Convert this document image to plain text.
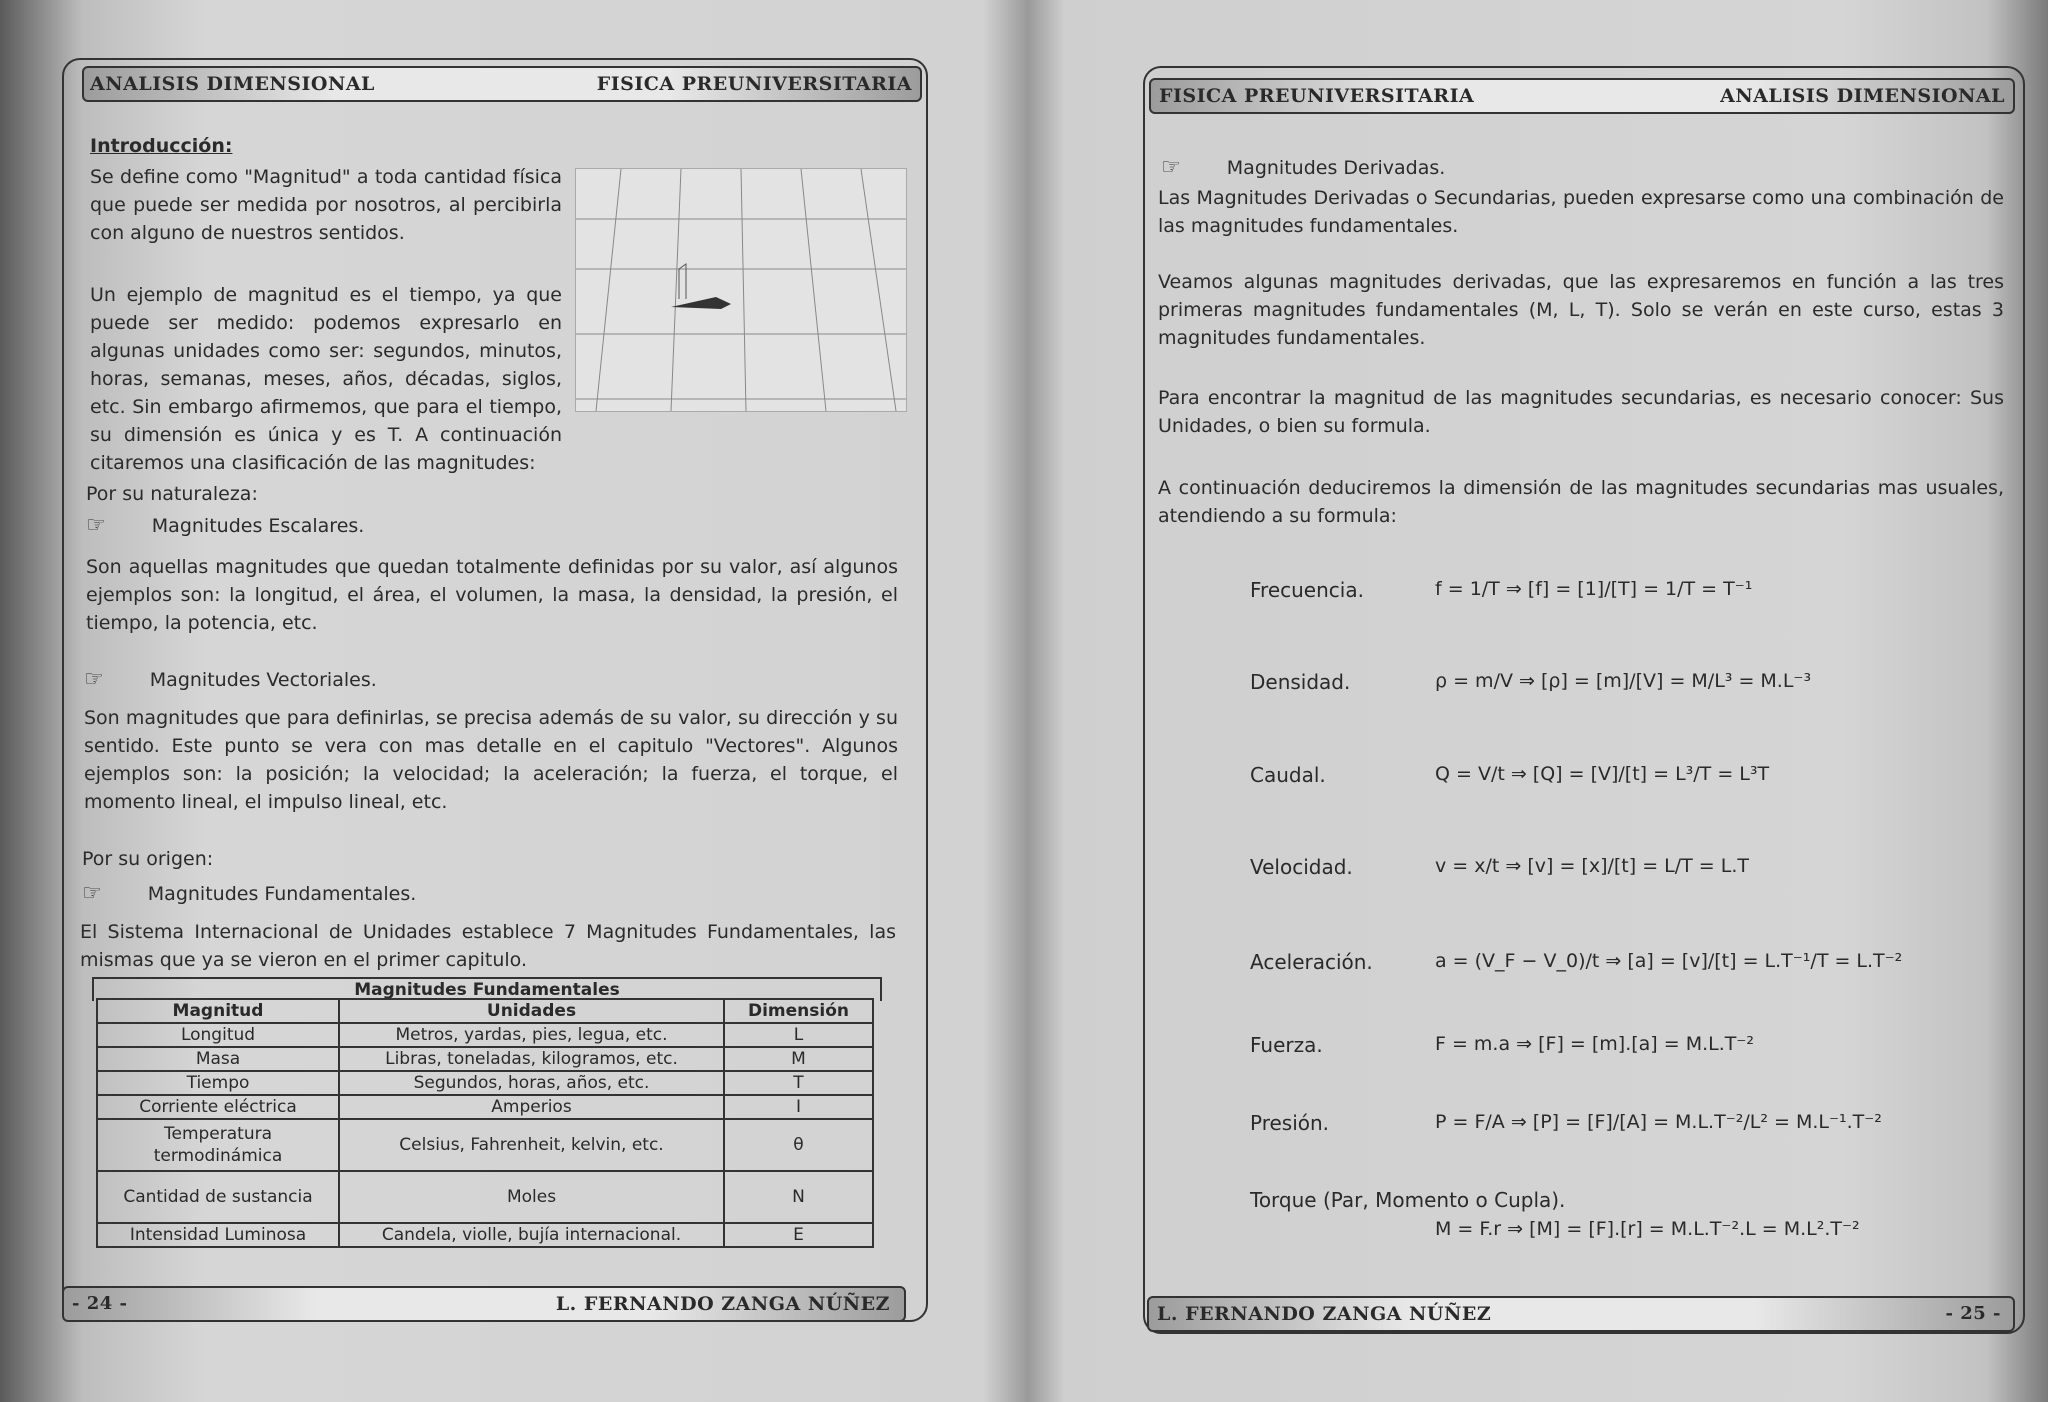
ANALISIS DIMENSIONAL	FISICA PREUNIVERSITARIA
Introducción:
Se define como "Magnitud" a toda cantidad física que puede ser medida por nosotros, al percibirla con alguno de nuestros sentidos.
Un ejemplo de magnitud es el tiempo, ya que puede ser medido: podemos expresarlo en algunas unidades como ser: segundos, minutos, horas, semanas, meses, años, décadas, siglos, etc. Sin embargo afirmemos, que para el tiempo, su dimensión es única y es T. A continuación citaremos una clasificación de las magnitudes:
Por su naturaleza:
☞ Magnitudes Escalares.
Son aquellas magnitudes que quedan totalmente definidas por su valor, así algunos ejemplos son: la longitud, el área, el volumen, la masa, la densidad, la presión, el tiempo, la potencia, etc.
☞ Magnitudes Vectoriales.
Son magnitudes que para definirlas, se precisa además de su valor, su dirección y su sentido. Este punto se vera con mas detalle en el capitulo "Vectores". Algunos ejemplos son: la posición; la velocidad; la aceleración; la fuerza, el torque, el momento lineal, el impulso lineal, etc.
Por su origen:
☞ Magnitudes Fundamentales.
El Sistema Internacional de Unidades establece 7 Magnitudes Fundamentales, las mismas que ya se vieron en el primer capitulo.
Magnitudes Fundamentales
Magnitud	Unidades	Dimensión
Longitud	Metros, yardas, pies, legua, etc.	L
Masa	Libras, toneladas, kilogramos, etc.	M
Tiempo	Segundos, horas, años, etc.	T
Corriente eléctrica	Amperios	I
Temperatura termodinámica	Celsius, Fahrenheit, kelvin, etc.	θ
Cantidad de sustancia	Moles	N
Intensidad Luminosa	Candela, violle, bujía internacional.	E
- 24 -	L. FERNANDO ZANGA NÚÑEZ
FISICA PREUNIVERSITARIA	ANALISIS DIMENSIONAL
☞ Magnitudes Derivadas.
Las Magnitudes Derivadas o Secundarias, pueden expresarse como una combinación de las magnitudes fundamentales.
Veamos algunas magnitudes derivadas, que las expresaremos en función a las tres primeras magnitudes fundamentales (M, L, T). Solo se verán en este curso, estas 3 magnitudes fundamentales.
Para encontrar la magnitud de las magnitudes secundarias, es necesario conocer: Sus Unidades, o bien su formula.
A continuación deduciremos la dimensión de las magnitudes secundarias mas usuales, atendiendo a su formula:
Frecuencia.	f = 1/T ⇒ [f] = [1]/[T] = 1/T = T⁻¹
Densidad.	ρ = m/V ⇒ [ρ] = [m]/[V] = M/L³ = M.L⁻³
Caudal.	Q = V/t ⇒ [Q] = [V]/[t] = L³/T = L³T
Velocidad.	v = x/t ⇒ [v] = [x]/[t] = L/T = L.T
Aceleración.	a = (V_F − V_0)/t ⇒ [a] = [v]/[t] = L.T⁻¹/T = L.T⁻²
Fuerza.	F = m.a ⇒ [F] = [m].[a] = M.L.T⁻²
Presión.	P = F/A ⇒ [P] = [F]/[A] = M.L.T⁻²/L² = M.L⁻¹.T⁻²
Torque (Par, Momento o Cupla).
M = F.r ⇒ [M] = [F].[r] = M.L.T⁻².L = M.L².T⁻²
L. FERNANDO ZANGA NÚÑEZ	- 25 -
